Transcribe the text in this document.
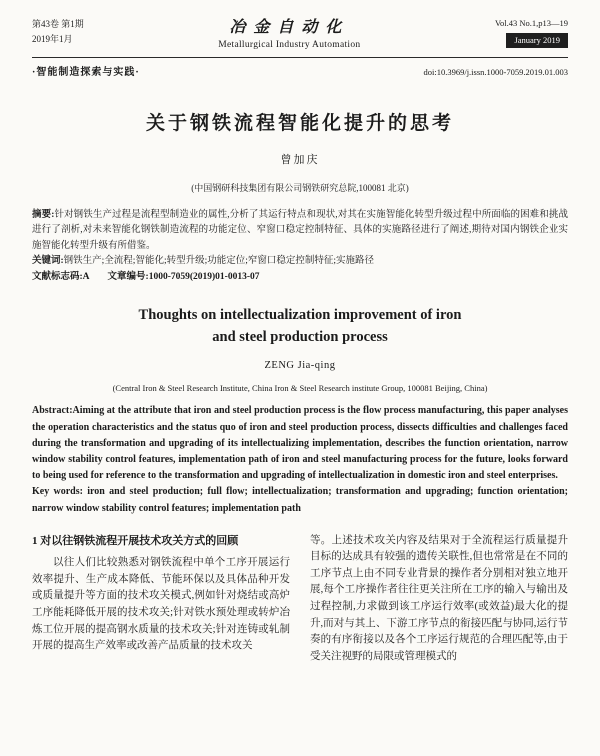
第43卷 第1期
2019年1月
冶金自动化
Metallurgical Industry Automation
Vol.43 No.1,p13—19
January 2019
·智能制造探索与实践·	doi:10.3969/j.issn.1000-7059.2019.01.003
关于钢铁流程智能化提升的思考
曾加庆
(中国钢研科技集团有限公司钢铁研究总院,100081 北京)

摘要:针对钢铁生产过程是流程型制造业的属性,分析了其运行特点和现状,对其在实施智能化转型升级过程中所面临的困难和挑战进行了剖析,对未来智能化钢铁制造流程的功能定位、窄窗口稳定控制特征、具体的实施路径进行了阐述,期待对国内钢铁企业实施智能化转型升级有所借鉴。

关键词:钢铁生产;全流程;智能化;转型升级;功能定位;窄窗口稳定控制特征;实施路径

文献标志码:A 文章编号:1000-7059(2019)01-0013-07

Thoughts on intellectualization improvement of iron
and steel production process
ZENG Jia-qing
(Central Iron & Steel Research Institute, China Iron & Steel Research institute Group, 100081 Beijing, China)

Abstract:Aiming at the attribute that iron and steel production process is the flow process manufacturing, this paper analyses the operation characteristics and the status quo of iron and steel production process, dissects difficulties and challenges faced during the transformation and upgrading of its intellectualizing implementation, describes the function orientation, narrow window stability control features, implementation path of iron and steel manufacturing process for the future, looks forward to being used for reference to the transformation and upgrading of intellectualization in domestic iron and steel enterprises.

Key words: iron and steel production; full flow; intellectualization; transformation and upgrading; function orientation; narrow window stability control features; implementation path

1 对以往钢铁流程开展技术攻关方式的回顾

以往人们比较熟悉对钢铁流程中单个工序开展运行效率提升、生产成本降低、节能环保以及具体品种开发或质量提升等方面的技术攻关模式,例如针对烧结或高炉工序能耗降低开展的技术攻关;针对铁水预处理或转炉冶炼工位开展的提高钢水质量的技术攻关;针对连铸或轧制开展的提高生产效率或改善产品质量的技术攻关

等。上述技术攻关内容及结果对于全流程运行质量提升目标的达成具有较强的遗传关联性,但也常常是在不同的工序节点上由不同专业背景的操作者分别相对独立地开展,每个工序操作者往往更关注所在工序的输入与输出及过程控制,力求做到该工序运行效率(或效益)最大化的提升,而对与其上、下游工序节点的衔接匹配与协同,运行节奏的有序衔接以及各个工序运行规范的合理匹配等,由于受关注视野的局限或管理模式的
